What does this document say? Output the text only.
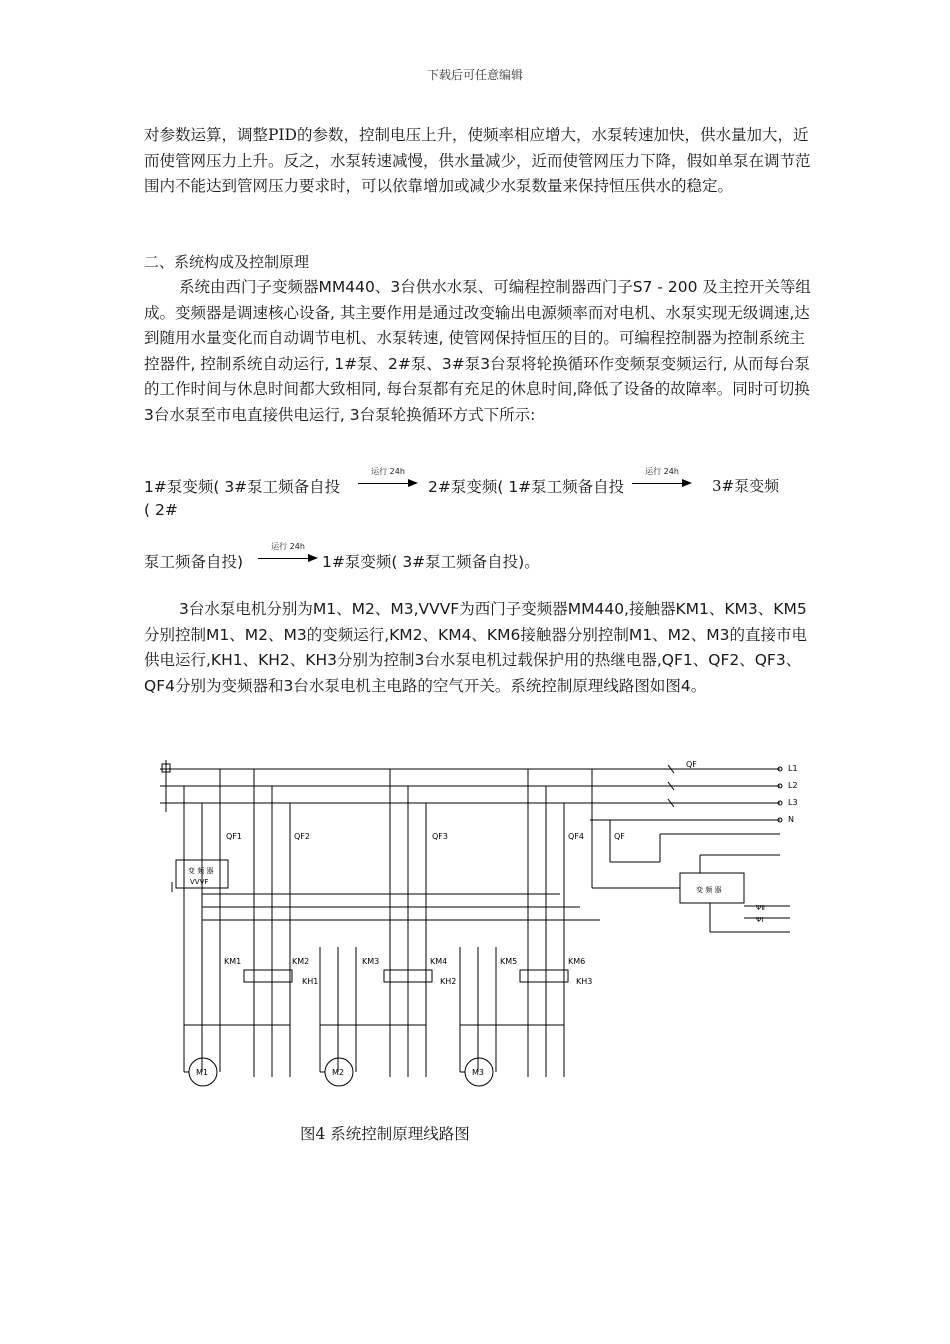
下载后可任意编辑

对参数运算，调整PID的参数，控制电压上升，使频率相应增大，水泵转速加快，供水量加大，近而使管网压力上升。反之，水泵转速减慢，供水量减少，近而使管网压力下降，假如单泵在调节范围内不能达到管网压力要求时，可以依靠增加或减少水泵数量来保持恒压供水的稳定。

二、系统构成及控制原理

系统由西门子变频器MM440、3台供水水泵、可编程控制器西门子S7 - 200 及主控开关等组成。变频器是调速核心设备, 其主要作用是通过改变输出电源频率而对电机、水泵实现无级调速,达到随用水量变化而自动调节电机、水泵转速, 使管网保持恒压的目的。可编程控制器为控制系统主控器件, 控制系统自动运行, 1#泵、2#泵、3#泵3台泵将轮换循环作变频泵变频运行, 从而每台泵的工作时间与休息时间都大致相同, 每台泵都有充足的休息时间,降低了设备的故障率。同时可切换3台水泵至市电直接供电运行, 3台泵轮换循环方式下所示:

1#泵变频( 3#泵工频备自投
运行 24h
2#泵变频( 1#泵工频备自投
运行 24h
3#泵变频
( 2#
泵工频备自投)
运行 24h
1#泵变频( 3#泵工频备自投)。

3台水泵电机分别为M1、M2、M3,VVVF为西门子变频器MM440,接触器KM1、KM3、KM5分别控制M1、M2、M3的变频运行,KM2、KM4、KM6接触器分别控制M1、M2、M3的直接市电供电运行,KH1、KH2、KH3分别为控制3台水泵电机过载保护用的热继电器,QF1、QF2、QF3、QF4分别为变频器和3台水泵电机主电路的空气开关。系统控制原理线路图如图4。

L1
L2
L3
N
QF1	QF2	QF3	QF4	QF
QF
变 频 器
VVVF
变 频 器
KM1	KM2	KM3	KM4	KM5	KM6
KH1	KH2	KH3
M1	M2	M3
ΨⅡ
ΨⅠ
图4 系统控制原理线路图
